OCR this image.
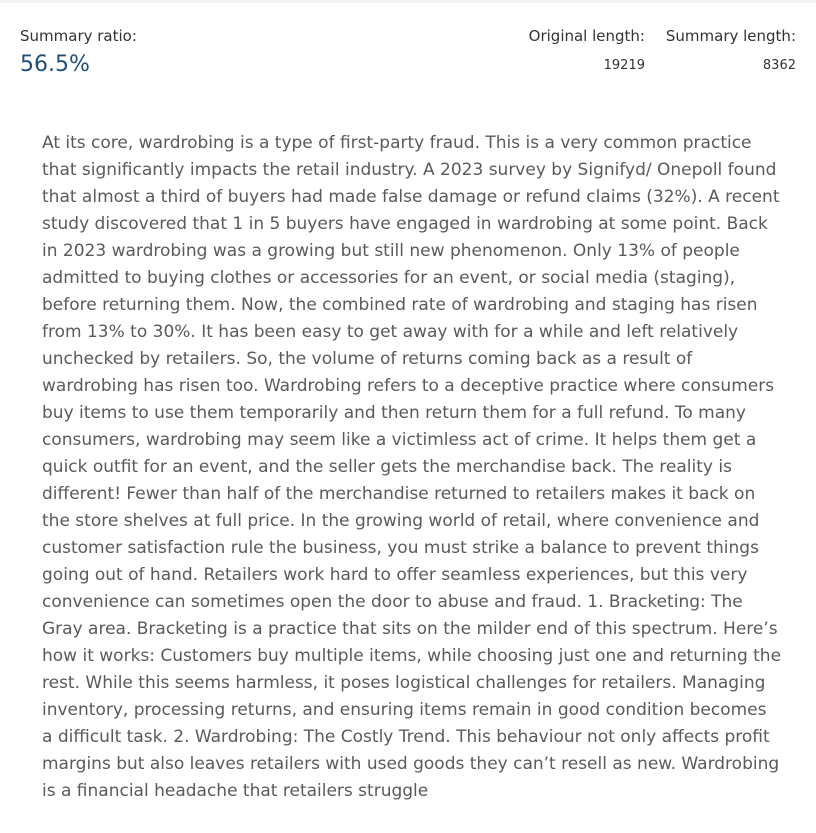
Summary ratio:
56.5%
Original length:
19219
Summary length:
8362

At its core, wardrobing is a type of first-party fraud. This is a very common practice that significantly impacts the retail industry. A 2023 survey by Signifyd/ Onepoll found that almost a third of buyers had made false damage or refund claims (32%). A recent study discovered that 1 in 5 buyers have engaged in wardrobing at some point. Back in 2023 wardrobing was a growing but still new phenomenon. Only 13% of people admitted to buying clothes or accessories for an event, or social media (staging), before returning them. Now, the combined rate of wardrobing and staging has risen from 13% to 30%. It has been easy to get away with for a while and left relatively unchecked by retailers. So, the volume of returns coming back as a result of wardrobing has risen too. Wardrobing refers to a deceptive practice where consumers buy items to use them temporarily and then return them for a full refund. To many consumers, wardrobing may seem like a victimless act of crime. It helps them get a quick outfit for an event, and the seller gets the merchandise back. The reality is different! Fewer than half of the merchandise returned to retailers makes it back on the store shelves at full price. In the growing world of retail, where convenience and customer satisfaction rule the business, you must strike a balance to prevent things going out of hand. Retailers work hard to offer seamless experiences, but this very convenience can sometimes open the door to abuse and fraud. 1. Bracketing: The Gray area. Bracketing is a practice that sits on the milder end of this spectrum. Here’s how it works: Customers buy multiple items, while choosing just one and returning the rest. While this seems harmless, it poses logistical challenges for retailers. Managing inventory, processing returns, and ensuring items remain in good condition becomes a difficult task. 2. Wardrobing: The Costly Trend. This behaviour not only affects profit margins but also leaves retailers with used goods they can’t resell as new. Wardrobing is a financial headache that retailers struggle
